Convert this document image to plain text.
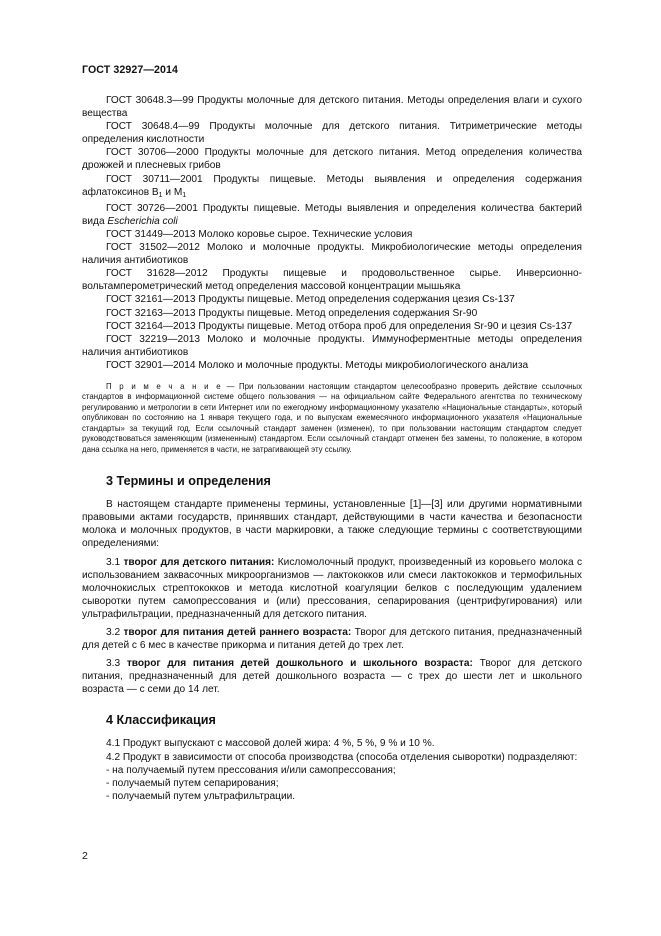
ГОСТ 32927—2014

ГОСТ 30648.3—99 Продукты молочные для детского питания. Методы определения влаги и сухого вещества

ГОСТ 30648.4—99 Продукты молочные для детского питания. Титриметрические методы определения кислотности

ГОСТ 30706—2000 Продукты молочные для детского питания. Метод определения количества дрожжей и плесневых грибов

ГОСТ 30711—2001 Продукты пищевые. Методы выявления и определения содержания афлатоксинов $B_1$ и $M_1$

ГОСТ 30726—2001 Продукты пищевые. Методы выявления и определения количества бактерий вида Escherichia coli

ГОСТ 31449—2013 Молоко коровье сырое. Технические условия

ГОСТ 31502—2012 Молоко и молочные продукты. Микробиологические методы определения наличия антибиотиков

ГОСТ 31628—2012 Продукты пищевые и продовольственное сырье. Инверсионно-вольтамперометрический метод определения массовой концентрации мышьяка

ГОСТ 32161—2013 Продукты пищевые. Метод определения содержания цезия Cs-137

ГОСТ 32163—2013 Продукты пищевые. Метод определения содержания Sr-90

ГОСТ 32164—2013 Продукты пищевые. Метод отбора проб для определения Sr-90 и цезия Cs-137

ГОСТ 32219—2013 Молоко и молочные продукты. Иммуноферментные методы определения наличия антибиотиков

ГОСТ 32901—2014 Молоко и молочные продукты. Методы микробиологического анализа

П р и м е ч а н и е — При пользовании настоящим стандартом целесообразно проверить действие ссылочных стандартов в информационной системе общего пользования — на официальном сайте Федерального агентства по техническому регулированию и метрологии в сети Интернет или по ежегодному информационному указателю «Национальные стандарты», который опубликован по состоянию на 1 января текущего года, и по выпускам ежемесячного информационного указателя «Национальные стандарты» за текущий год. Если ссылочный стандарт заменен (изменен), то при пользовании настоящим стандартом следует руководствоваться заменяющим (измененным) стандартом. Если ссылочный стандарт отменен без замены, то положение, в котором дана ссылка на него, применяется в части, не затрагивающей эту ссылку.

3 Термины и определения

В настоящем стандарте применены термины, установленные [1]—[3] или другими нормативными правовыми актами государств, принявших стандарт, действующими в части качества и безопасности молока и молочных продуктов, в части маркировки, а также следующие термины с соответствующими определениями:

3.1 творог для детского питания: Кисломолочный продукт, произведенный из коровьего молока с использованием заквасочных микроорганизмов — лактококков или смеси лактококков и термофильных молочнокислых стрептококков и метода кислотной коагуляции белков с последующим удалением сыворотки путем самопрессования и (или) прессования, сепарирования (центрифугирования) или ультрафильтрации, предназначенный для детского питания.

3.2 творог для питания детей раннего возраста: Творог для детского питания, предназначенный для детей с 6 мес в качестве прикорма и питания детей до трех лет.

3.3 творог для питания детей дошкольного и школьного возраста: Творог для детского питания, предназначенный для детей дошкольного возраста — с трех до шести лет и школьного возраста — с семи до 14 лет.

4 Классификация

4.1 Продукт выпускают с массовой долей жира: 4 %, 5 %, 9 % и 10 %.

4.2 Продукт в зависимости от способа производства (способа отделения сыворотки) подразделяют:

- на получаемый путем прессования и/или самопрессования;

- получаемый путем сепарирования;

- получаемый путем ультрафильтрации.

2
